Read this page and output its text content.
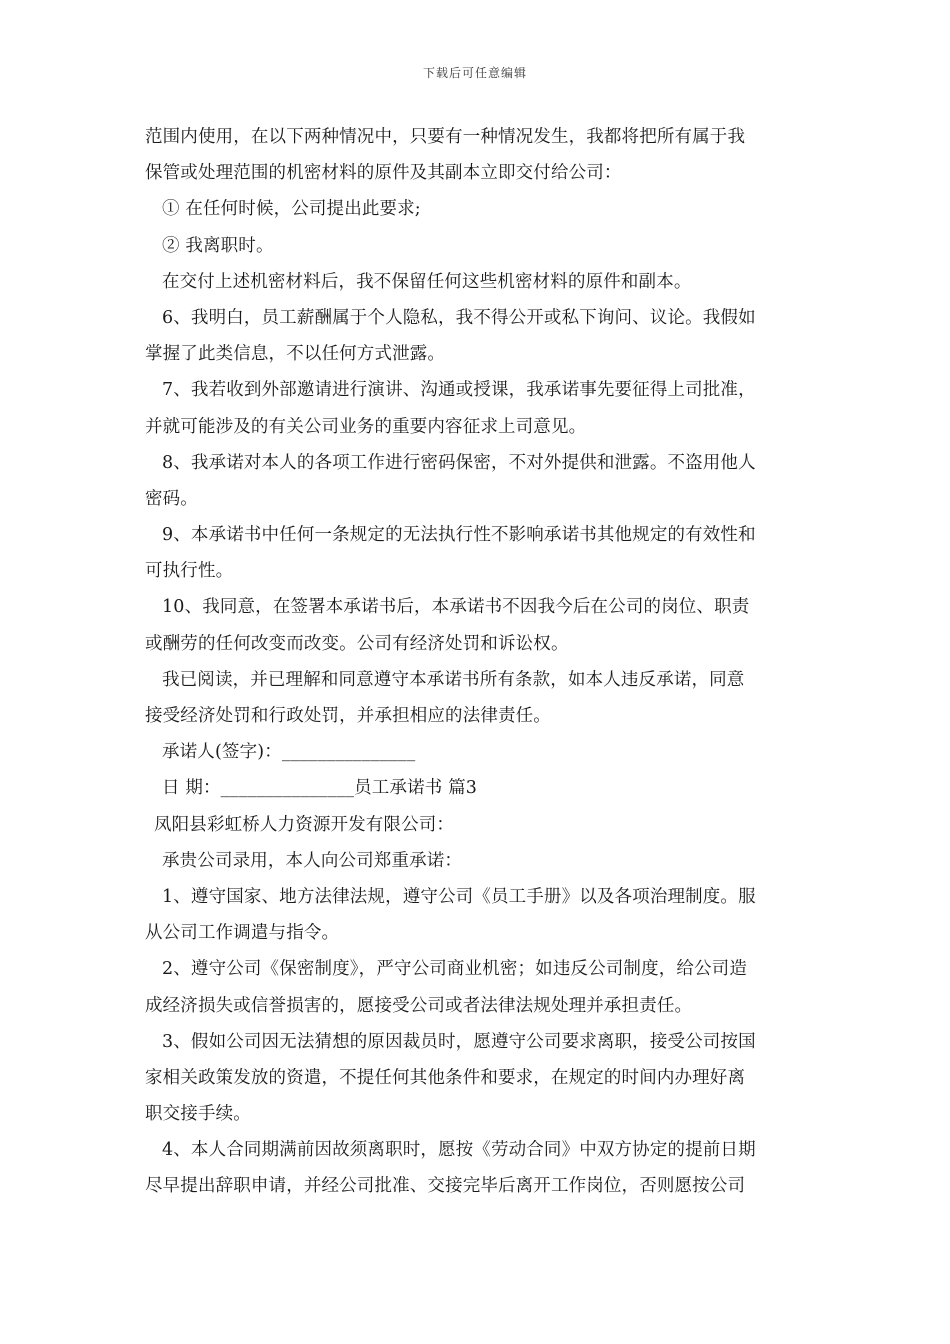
下载后可任意编辑
范围内使用，在以下两种情况中，只要有一种情况发生，我都将把所有属于我
保管或处理范围的机密材料的原件及其副本立即交付给公司：
① 在任何时候，公司提出此要求;
② 我离职时。
在交付上述机密材料后，我不保留任何这些机密材料的原件和副本。
6、我明白，员工薪酬属于个人隐私，我不得公开或私下询问、议论。我假如
掌握了此类信息，不以任何方式泄露。
7、我若收到外部邀请进行演讲、沟通或授课，我承诺事先要征得上司批准，
并就可能涉及的有关公司业务的重要内容征求上司意见。
8、我承诺对本人的各项工作进行密码保密，不对外提供和泄露。不盗用他人
密码。
9、本承诺书中任何一条规定的无法执行性不影响承诺书其他规定的有效性和
可执行性。
10、我同意，在签署本承诺书后，本承诺书不因我今后在公司的岗位、职责
或酬劳的任何改变而改变。公司有经济处罚和诉讼权。
我已阅读，并已理解和同意遵守本承诺书所有条款，如本人违反承诺，同意
接受经济处罚和行政处罚，并承担相应的法律责任。
承诺人(签字)：_______________
日 期：_______________员工承诺书 篇3
凤阳县彩虹桥人力资源开发有限公司：
承贵公司录用，本人向公司郑重承诺：
1、遵守国家、地方法律法规，遵守公司《员工手册》以及各项治理制度。服
从公司工作调遣与指令。
2、遵守公司《保密制度》，严守公司商业机密；如违反公司制度，给公司造
成经济损失或信誉损害的，愿接受公司或者法律法规处理并承担责任。
3、假如公司因无法猜想的原因裁员时，愿遵守公司要求离职，接受公司按国
家相关政策发放的资遣，不提任何其他条件和要求，在规定的时间内办理好离
职交接手续。
4、本人合同期满前因故须离职时，愿按《劳动合同》中双方协定的提前日期
尽早提出辞职申请，并经公司批准、交接完毕后离开工作岗位，否则愿按公司
